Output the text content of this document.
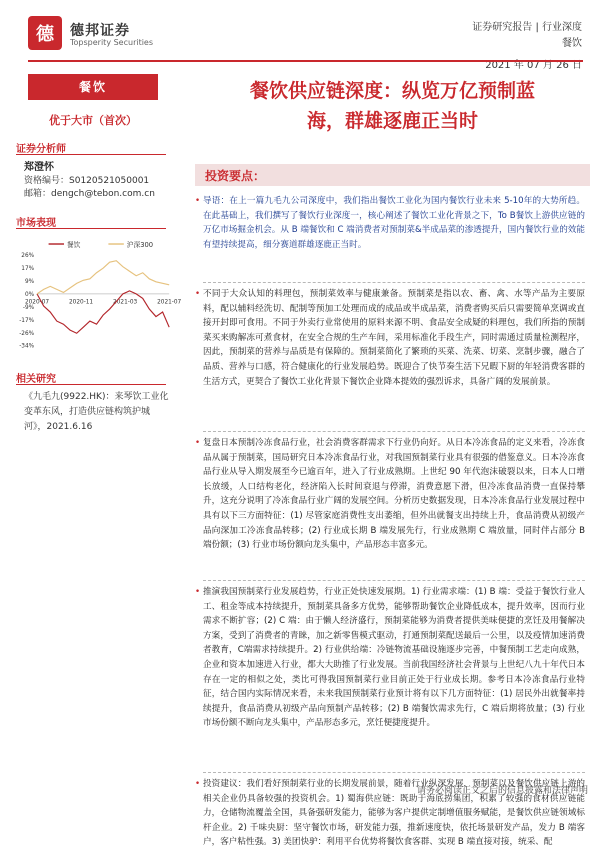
德	德邦证券
Topsperity Securities
证券研究报告 | 行业深度
餐饮
2021 年 07 月 26 日
餐饮
优于大市（首次）
证券分析师
郑澄怀
资格编号：S0120521050001
邮箱：dengch@tebon.com.cn
市场表现
餐饮	沪深300
26%
17%
9%
0%
-9%
-17%
-26%
-34%
2020-07	2020-11	2021-03	2021-07
相关研究
《九毛九(9922.HK)：来琴饮工业化变革东风，打造供应链构筑护城河》，2021.6.16
餐饮供应链深度：纵览万亿预制蓝
海，群雄逐鹿正当时
投资要点：
• 导语：在上一篇九毛九公司深度中，我们指出餐饮工业化为国内餐饮行业未来 5-10年的大势所趋。在此基础上，我们撰写了餐饮行业深度一，核心阐述了餐饮工业化背景之下，To B餐饮上游供应链的万亿市场掘金机会。从 B 端餐饮和 C 端消费者对预制菜&半成品菜的渗透提升，国内餐饮行业的效能有望持续提高，细分赛道群雄逐鹿正当时。
• 不同于大众认知的料理包，预制菜效率与健康兼备。预制菜是指以农、畜、禽、水等产品为主要原料，配以辅料经洗切、配制等预加工处理而成的成品或半成品菜，消费者购买后只需要简单烹调或直接开封即可食用。不同于外卖行业常使用的原料来源不明、食品安全成疑的料理包，我们所指的预制菜买来购解冻可煮食材，在安全合规的生产车间，采用标准化手段生产，同时需通过质量检测程序，因此，预制菜的营养与品质是有保障的。预制菜简化了繁琐的买菜、洗菜、切菜、烹制步骤，融合了品质、营养与口感，符合健康化的行业发展趋势。既迎合了快节奏生活下兄暇下厨的年轻消费客群的生活方式，更契合了餐饮工业化背景下餐饮企业降本提效的强烈诉求，具备广阔的发展前景。
• 复盘日本预制冷冻食品行业，社会消费客群需求下行业仍向好。从日本冷冻食品的定义来看，冷冻食品从属于预制菜，国局研究日本冷冻食品行业，对我国预制菜行业具有很强的借鉴意义。日本冷冻食品行业从导入期发展至今已逾百年，进入了行业成熟期。上世纪 90 年代泡沫破裂以来，日本人口增长放缓，人口结构老化，经济陷入长时间衰退与停滞，消费意愿下滑，但冷冻食品消费一直保持攀升，这充分说明了冷冻食品行业广阔的发展空间。分析历史数据发现，日本冷冻食品行业发展过程中具有以下三方面特征：(1) 尽管家庭消费性支出萎缩，但外出就餐支出持续上升，食品消费从初级产品向深加工冷冻食品转移；(2) 行业成长期 B 端发展先行，行业成熟期 C 端放量，同时伴占部分 B 端份额；(3) 行业市场份额向龙头集中，产品形态丰富多元。
• 推演我国预制菜行业发展趋势，行业正处快速发展期。1) 行业需求端：(1) B 端：受益于餐饮行业人工、租金等成本持续提升，预制菜具备多方优势，能够帮助餐饮企业降低成本，提升效率，因而行业需求不断扩容；(2) C 端：由于懒人经济盛行，预制菜能够为消费者提供美味便捷的烹饪及用餐解决方案，受到了消费者的青睐，加之新零售模式驱动，打通预制菜配送最后一公里，以及疫情加速消费者教育，C端需求持续提升。2) 行业供给端：冷链物流基础设施逐步完善，中餐预制工艺走向成熟，企业和资本加速进入行业，都大大助推了行业发展。当前我国经济社会背景与上世纪八九十年代日本存在一定的相似之处，类比可得我国预制菜行业目前正处于行业成长期。参考日本冷冻食品行业特征，结合国内实际情况来看，未来我国预制菜行业预计将有以下几方面特征：(1) 居民外出就餐率持续提升，食品消费从初级产品向预制产品转移；(2) B 端餐饮需求先行，C 端后期将放量；(3) 行业市场份额不断向龙头集中，产品形态多元，烹饪便捷度提升。
• 投资建议：我们看好预制菜行业的长期发展前景，随着行业纵深发展，预制菜以及餐饮供应链上游的相关企业仍具备较强的投资机会。1) 蜀海供应链：既助于海底捞集团，积累了较强的食材供应链能力，仓储物流覆盖全国，具备强研发能力，能够为客户提供定制增值服务赋能，是餐饮供应链领域标杆企业。2) 千味央厨：坚守餐饮市场，研发能力强，推新速度快，依托场景研发产品，发力 B 端客户，客户粘性强。3) 美团快驴：利用平台优势将餐饮食客群、实现 B 端直接对接，统采、配
请务必阅读正文之后的信息披露和法律声明
